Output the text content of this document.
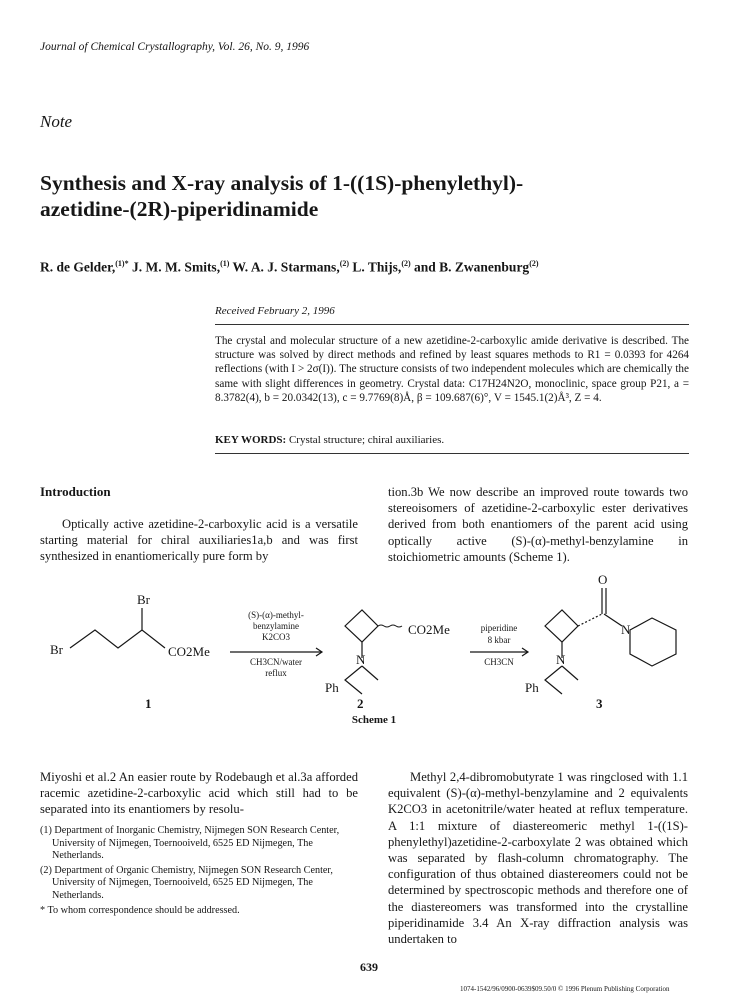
Journal of Chemical Crystallography, Vol. 26, No. 9, 1996
Note
Synthesis and X-ray analysis of 1-((1S)-phenylethyl)-
azetidine-(2R)-piperidinamide
R. de Gelder,$^{(1)*}$ J. M. M. Smits,$^{(1)}$ W. A. J. Starmans,$^{(2)}$ L. Thijs,$^{(2)}$ and B. Zwanenburg$^{(2)}$
Received February 2, 1996
The crystal and molecular structure of a new azetidine-2-carboxylic amide derivative is described. The structure was solved by direct methods and refined by least squares methods to R1 = 0.0393 for 4264 reflections (with I > 2σ(I)). The structure consists of two independent molecules which are chemically the same with slight differences in geometry. Crystal data: C17H24N2O, monoclinic, space group P21, a = 8.3782(4), b = 20.0342(13), c = 9.7769(8)Å, β = 109.687(6)°, V = 1545.1(2)Å³, Z = 4.
KEY WORDS: Crystal structure; chiral auxiliaries.
Introduction
Optically active azetidine-2-carboxylic acid is a versatile starting material for chiral auxiliaries1a,b and was first synthesized in enantiomerically pure form by
tion.3b We now describe an improved route towards two stereoisomers of azetidine-2-carboxylic ester derivatives derived from both enantiomers of the parent acid using optically active (S)-(α)-methyl-benzylamine in stoichiometric amounts (Scheme 1).
Br
Br	CO2Me
1
N
CO2Me
Ph
2
N
Ph
O
N
3
(S)-(α)-methyl-
benzylamine
K2CO3
CH3CN/water
reflux
piperidine
8 kbar
CH3CN
Scheme 1
Miyoshi et al.2 An easier route by Rodebaugh et al.3a afforded racemic azetidine-2-carboxylic acid which still had to be separated into its enantiomers by resolu-
Methyl 2,4-dibromobutyrate 1 was ringclosed with 1.1 equivalent (S)-(α)-methyl-benzylamine and 2 equivalents K2CO3 in acetonitrile/water heated at reflux temperature. A 1:1 mixture of diastereomeric methyl 1-((1S)-phenylethyl)azetidine-2-carboxylate 2 was obtained which was separated by flash-column chromatography. The configuration of thus obtained diastereomers could not be determined by spectroscopic methods and therefore one of the diastereomers was transformed into the crystalline piperidinamide 3.4 An X-ray diffraction analysis was undertaken to

(1) Department of Inorganic Chemistry, Nijmegen SON Research Center, University of Nijmegen, Toernooiveld, 6525 ED Nijmegen, The Netherlands.

(2) Department of Organic Chemistry, Nijmegen SON Research Center, University of Nijmegen, Toernooiveld, 6525 ED Nijmegen, The Netherlands.

* To whom correspondence should be addressed.

639
1074-1542/96/0900-0639$09.50/0 © 1996 Plenum Publishing Corporation
